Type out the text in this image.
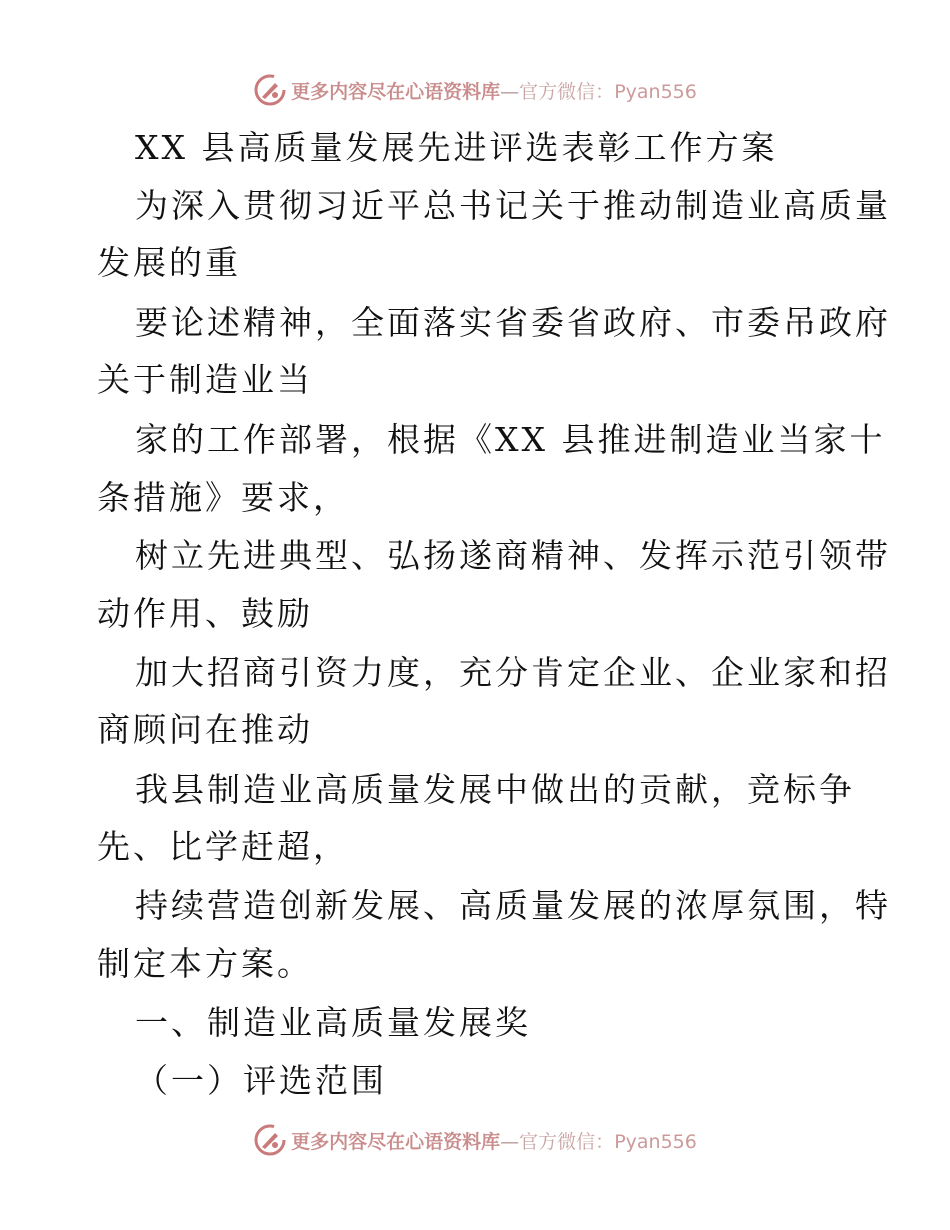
更多内容尽在心语资料库—官方微信：Pyan556
XX 县高质量发展先进评选表彰工作方案
为深入贯彻习近平总书记关于推动制造业高质量
发展的重
要论述精神，全面落实省委省政府、市委吊政府
关于制造业当
家的工作部署，根据《XX 县推进制造业当家十
条措施》要求，
树立先进典型、弘扬遂商精神、发挥示范引领带
动作用、鼓励
加大招商引资力度，充分肯定企业、企业家和招
商顾问在推动
我县制造业高质量发展中做出的贡献，竞标争
先、比学赶超，
持续营造创新发展、高质量发展的浓厚氛围，特
制定本方案。
一、制造业高质量发展奖
（一）评选范围
更多内容尽在心语资料库—官方微信：Pyan556
